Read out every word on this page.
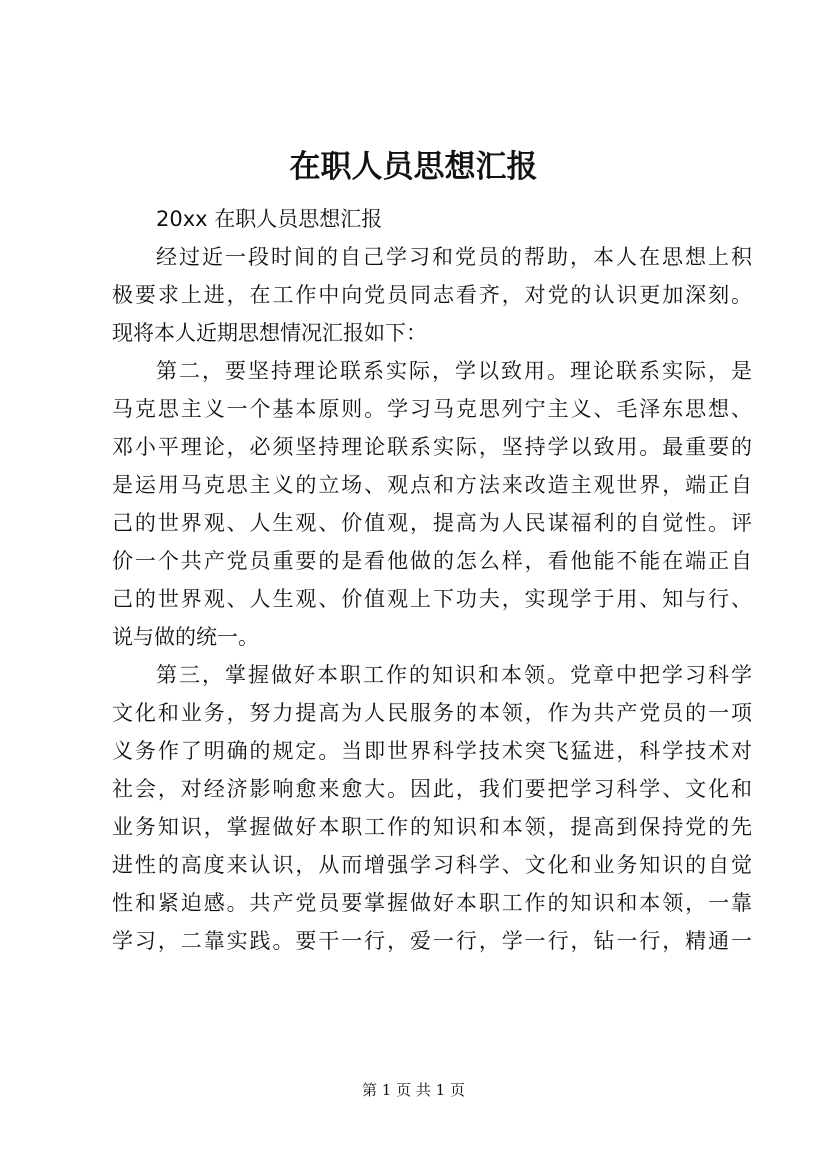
在职人员思想汇报
20xx 在职人员思想汇报
经过近一段时间的自己学习和党员的帮助，本人在思想上积
极要求上进，在工作中向党员同志看齐，对党的认识更加深刻。
现将本人近期思想情况汇报如下：
第二，要坚持理论联系实际，学以致用。理论联系实际，是
马克思主义一个基本原则。学习马克思列宁主义、毛泽东思想、
邓小平理论，必须坚持理论联系实际，坚持学以致用。最重要的
是运用马克思主义的立场、观点和方法来改造主观世界，端正自
己的世界观、人生观、价值观，提高为人民谋福利的自觉性。评
价一个共产党员重要的是看他做的怎么样，看他能不能在端正自
己的世界观、人生观、价值观上下功夫，实现学于用、知与行、
说与做的统一。
第三，掌握做好本职工作的知识和本领。党章中把学习科学
文化和业务，努力提高为人民服务的本领，作为共产党员的一项
义务作了明确的规定。当即世界科学技术突飞猛进，科学技术对
社会，对经济影响愈来愈大。因此，我们要把学习科学、文化和
业务知识，掌握做好本职工作的知识和本领，提高到保持党的先
进性的高度来认识，从而增强学习科学、文化和业务知识的自觉
性和紧迫感。共产党员要掌握做好本职工作的知识和本领，一靠
学习，二靠实践。要干一行，爱一行，学一行，钻一行，精通一
第 1 页 共 1 页
